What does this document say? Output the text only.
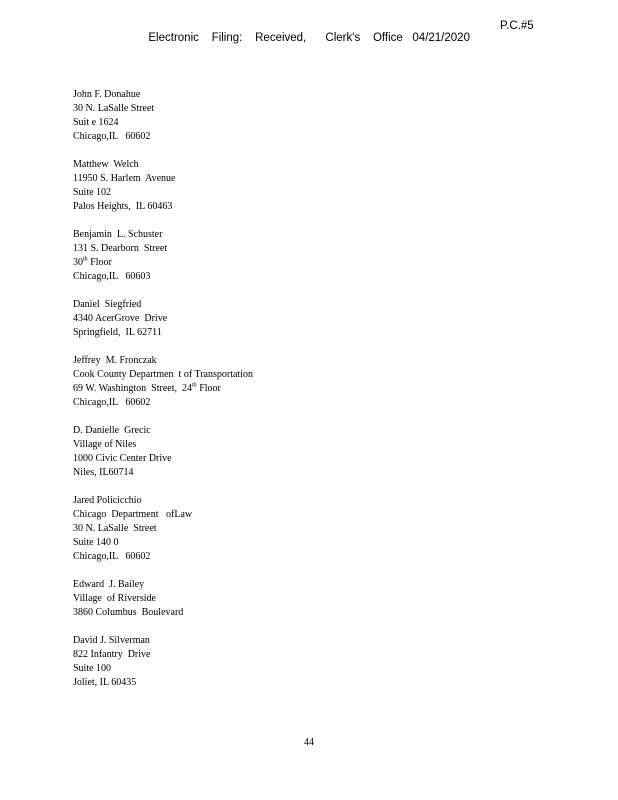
Electronic    Filing:    Received,      Clerk's    Office   04/21/2020

P.C.#5

John F. Donahue
30 N. LaSalle Street
Suit e 1624
Chicago,IL   60602
Matthew  Welch
11950 S. Harlem  Avenue
Suite 102
Palos Heights,  IL 60463
Benjamin  L. Schuster
131 S. Dearborn  Street
30th Floor
Chicago,IL   60603
Daniel  Siegfried
4340 AcerGrove  Drive
Springfield,  IL 62711
Jeffrey  M. Fronczak
Cook County Departmen  t of Transportation
69 W. Washington  Street,  24th Floor
Chicago,IL   60602
D. Danielle  Grecic
Village of Niles
1000 Civic Center Drive
Niles, IL60714
Jared Policicchio
Chicago  Department   ofLaw
30 N. LaSalle  Street
Suite 140 0
Chicago,IL   60602
Edward  J. Bailey
Village  of Riverside
3860 Columbus  Boulevard
David J. Silverman
822 Infantry  Drive
Suite 100
Joliet, IL 60435
44
